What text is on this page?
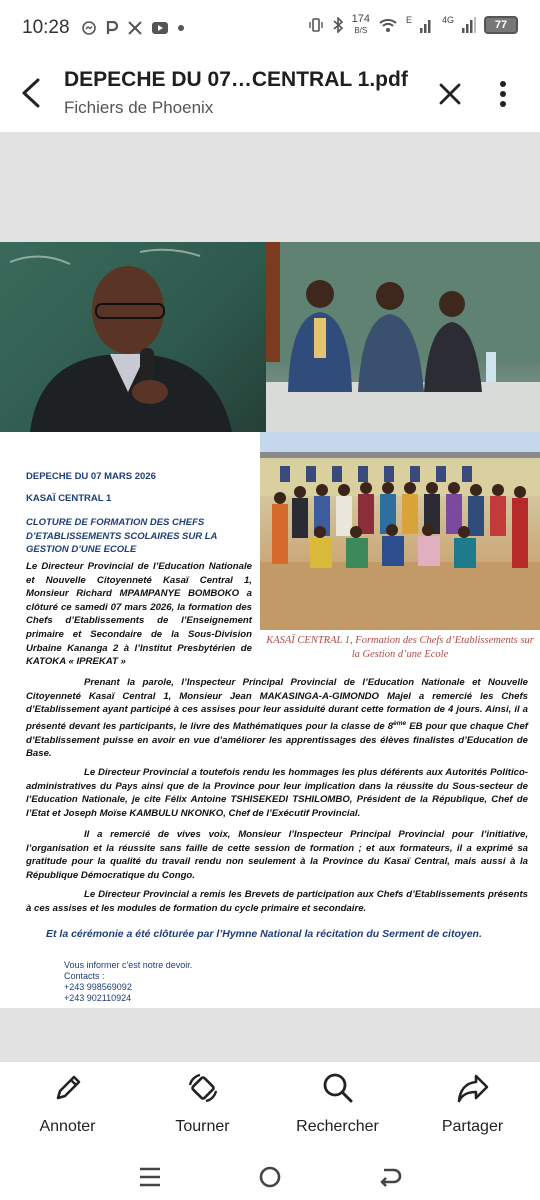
10:28	174
B/S
E	4G	77
DEPECHE DU 07…CENTRAL 1.pdf
Fichiers de Phoenix
KASAÏ CENTRAL 1, Formation des Chefs d’Etablissements sur la Gestion d’une Ecole
DEPECHE DU 07 MARS 2026
KASAÏ CENTRAL 1
CLOTURE DE FORMATION DES CHEFS D’ETABLISSEMENTS SCOLAIRES SUR LA GESTION D’UNE ECOLE
Le Directeur Provincial de l’Education Nationale et Nouvelle Citoyenneté Kasaï Central 1, Monsieur Richard MPAMPANYE BOMBOKO a clôturé ce samedi 07 mars 2026, la formation des Chefs d’Etablissements de l’Enseignement primaire et Secondaire de la Sous-Division Urbaine Kananga 2 à l’Institut Presbytérien de KATOKA « IPREKAT »
Prenant la parole, l’Inspecteur Principal Provincial de l’Education Nationale et Nouvelle Citoyenneté Kasaï Central 1, Monsieur Jean MAKASINGA-A-GIMONDO Majel a remercié les Chefs d’Etablissement ayant participé à ces assises pour leur assiduité durant cette formation de 4 jours. Ainsi, il a présenté devant les participants, le livre des Mathématiques pour la classe de 8ème EB pour que chaque Chef d’Etablissement puisse en avoir en vue d’améliorer les apprentissages des élèves finalistes d’Education de Base.
Le Directeur Provincial a toutefois rendu les hommages les plus déférents aux Autorités Politico-administratives du Pays ainsi que de la Province pour leur implication dans la réussite du Sous-secteur de l’Education Nationale, je cite Félix Antoine TSHISEKEDI TSHILOMBO, Président de la République, Chef de l’Etat et Joseph Moïse KAMBULU NKONKO, Chef de l’Exécutif Provincial.
Il a remercié de vives voix, Monsieur l’Inspecteur Principal Provincial pour l’initiative, l’organisation et la réussite sans faille de cette session de formation ; et aux formateurs, il a exprimé sa gratitude pour la qualité du travail rendu non seulement à la Province du Kasaï Central, mais aussi à la République Démocratique du Congo.
Le Directeur Provincial a remis les Brevets de participation aux Chefs d’Etablissements présents à ces assises et les modules de formation du cycle primaire et secondaire.
Et la cérémonie a été clôturée par l’Hymne National la récitation du Serment de citoyen.
Vous informer c'est notre devoir.
Contacts :
+243 998569092
+243 902110924
Annoter	Tourner	Rechercher	Partager
